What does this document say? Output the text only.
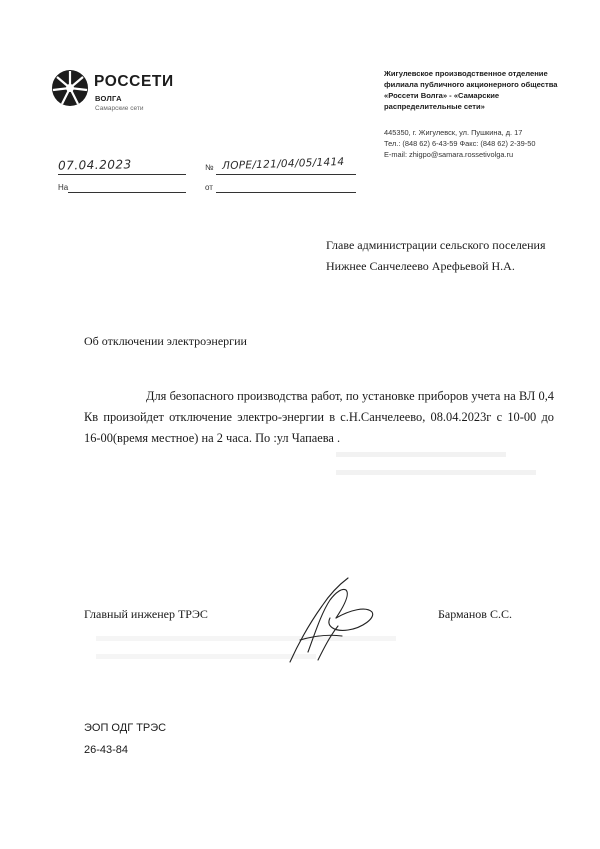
РОССЕТИ
ВОЛГА
Самарские сети
Жигулевское производственное отделение
филиала публичного акционерного общества
«Россети Волга» - «Самарские
распределительные сети»
445350, г. Жигулевск, ул. Пушкина, д. 17
Тел.: (848 62) 6-43-59 Факс: (848 62) 2-39-50
E-mail: zhigpo@samara.rossetivolga.ru
07.04.2023	№ ЛОРЕ/121/04/05/1414
На	от
Главе администрации сельского поселения
Нижнее Санчелеево Арефьевой Н.А.
Об отключении электроэнергии
Для безопасного производства работ, по установке приборов учета на ВЛ 0,4 Кв произойдет отключение электро-энергии в с.Н.Санчелеево, 08.04.2023г с 10-00 до 16-00(время местное) на 2 часа. По :ул Чапаева .
Главный инженер ТРЭС	Барманов С.С.
ЭОП ОДГ ТРЭС
26-43-84
